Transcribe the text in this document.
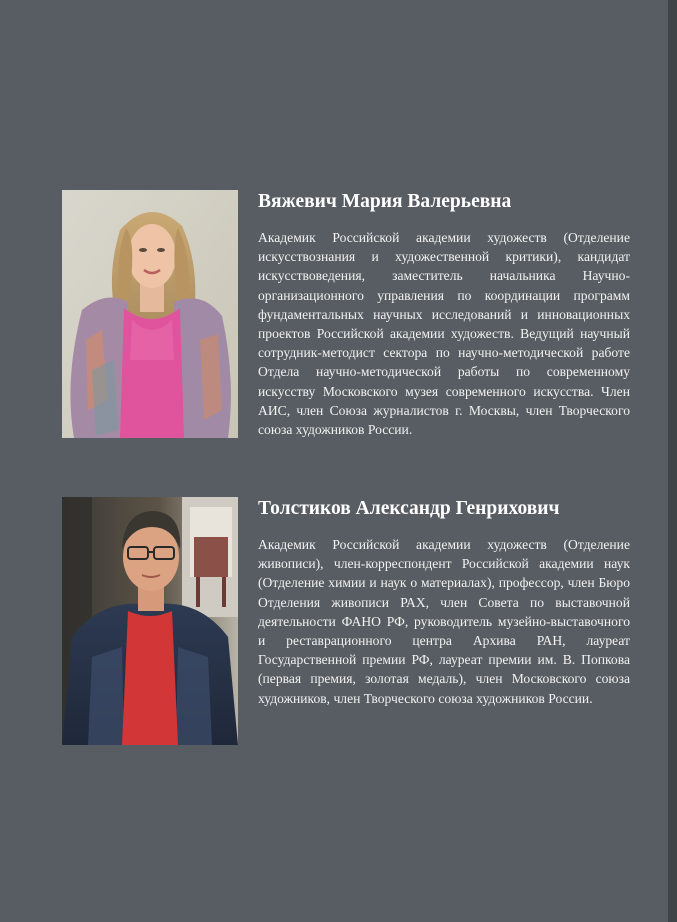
Вяжевич Мария Валерьевна

Академик Российской академии художеств (Отделение искусствознания и художественной критики), кандидат искусствоведения, заместитель начальника Научно-организационного управления по координации программ фундаментальных научных исследований и инновационных проектов Российской академии художеств. Ведущий научный сотрудник-методист сектора по научно-методической работе Отдела научно-методической работы по современному искусству Московского музея современного искусства. Член АИС, член Союза журналистов г. Москвы, член Творческого союза художников России.

Толстиков Александр Генрихович

Академик Российской академии художеств (Отделение живописи), член-корреспондент Российской академии наук (Отделение химии и наук о материалах), профессор, член Бюро Отделения живописи РАХ, член Совета по выставочной деятельности ФАНО РФ, руководитель музейно-выставочного и реставрационного центра Архива РАН, лауреат Государственной премии РФ, лауреат премии им. В. Попкова (первая премия, золотая медаль), член Московского союза художников, член Творческого союза художников России.
